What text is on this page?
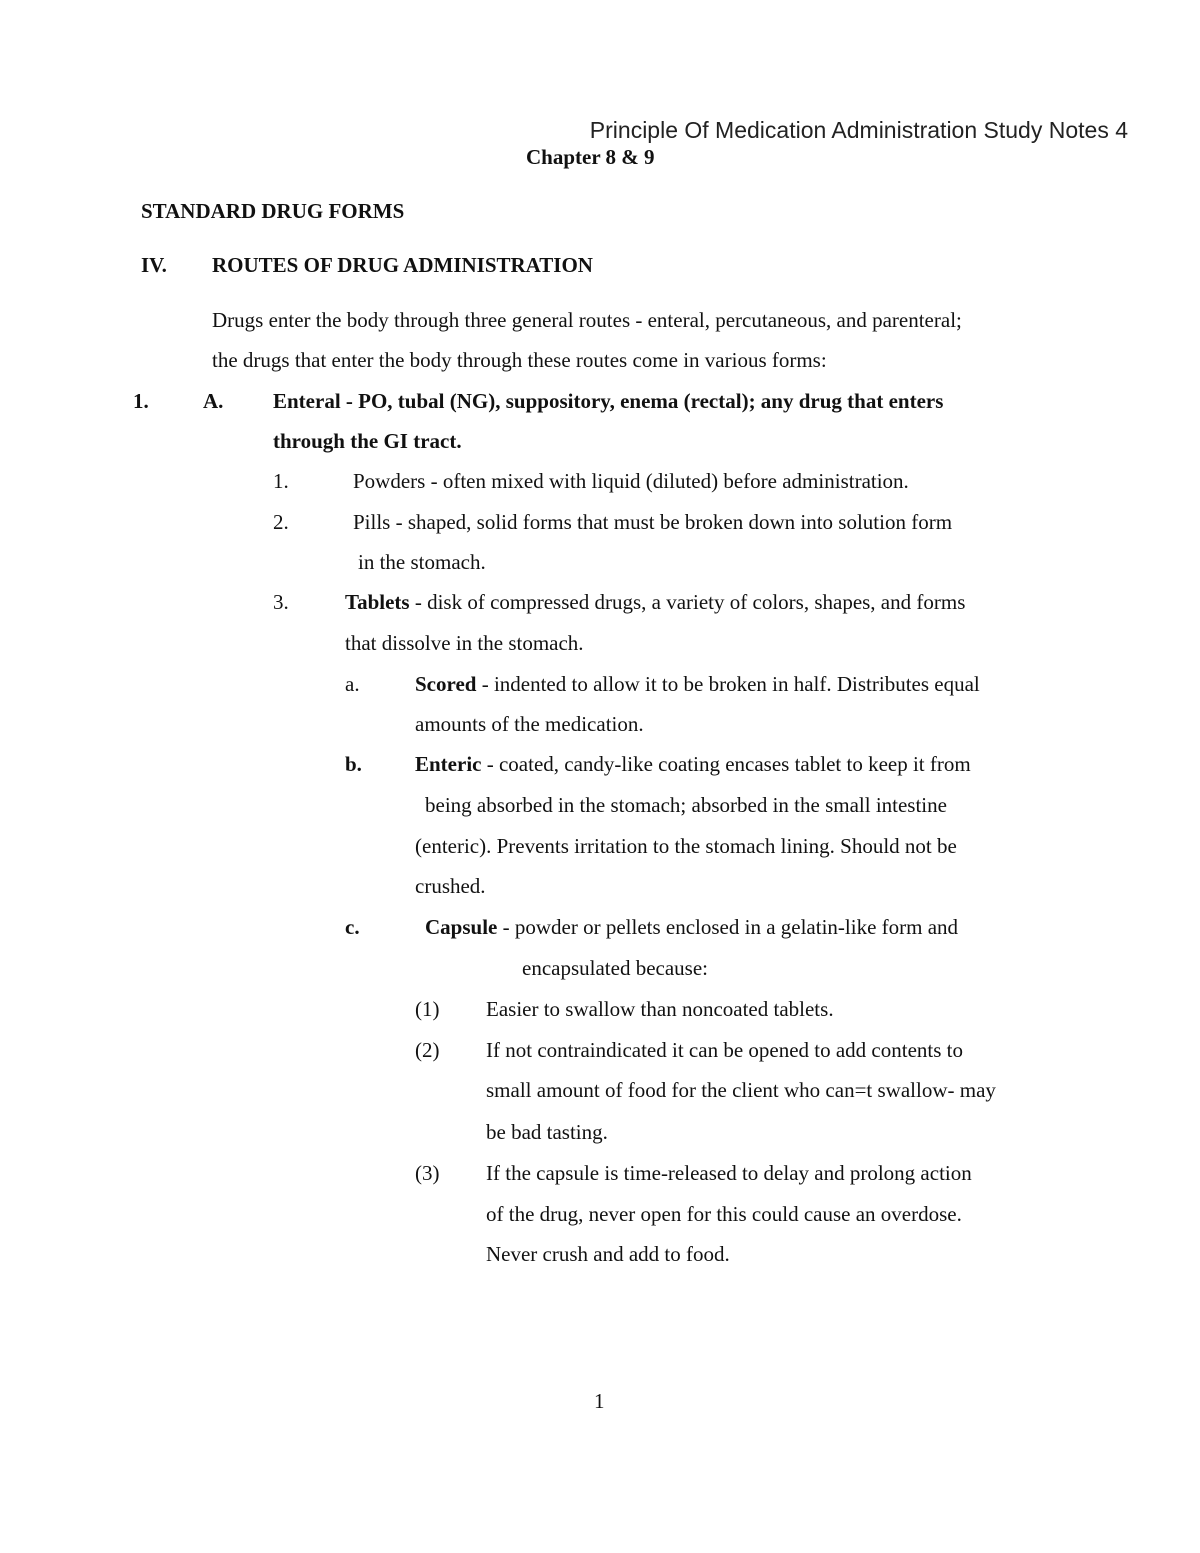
Principle Of Medication Administration Study Notes 4
Chapter 8 & 9
STANDARD DRUG FORMS
IV. ROUTES OF DRUG ADMINISTRATION
Drugs enter the body through three general routes - enteral, percutaneous, and parenteral;
the drugs that enter the body through these routes come in various forms:
1.	A. Enteral - PO, tubal (NG), suppository, enema (rectal); any drug that enters
through the GI tract.
1.	Powders - often mixed with liquid (diluted) before administration.
2.	Pills - shaped, solid forms that must be broken down into solution form
in the stomach.
3.	Tablets - disk of compressed drugs, a variety of colors, shapes, and forms
that dissolve in the stomach.
a.	Scored - indented to allow it to be broken in half. Distributes equal
amounts of the medication.
b.	Enteric - coated, candy-like coating encases tablet to keep it from
being absorbed in the stomach; absorbed in the small intestine
(enteric). Prevents irritation to the stomach lining. Should not be
crushed.
c.	Capsule - powder or pellets enclosed in a gelatin-like form and
encapsulated because:
(1) Easier to swallow than noncoated tablets.
(2) If not contraindicated it can be opened to add contents to
small amount of food for the client who can=t swallow- may
be bad tasting.
(3) If the capsule is time-released to delay and prolong action
of the drug, never open for this could cause an overdose.
Never crush and add to food.
1
